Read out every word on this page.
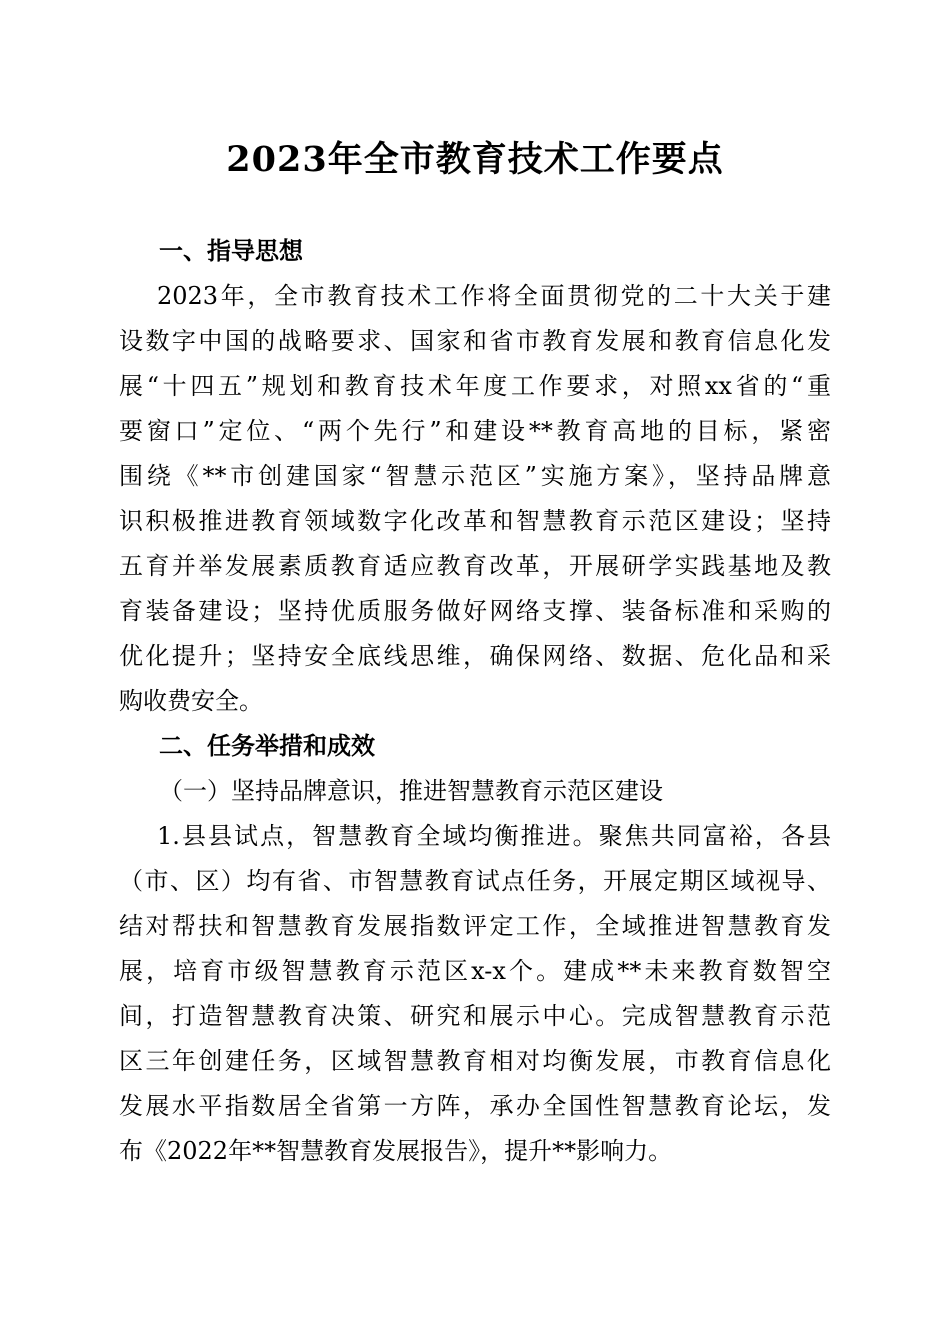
2023年全市教育技术工作要点
一、指导思想
2023年，全市教育技术工作将全面贯彻党的二十大关于建
设数字中国的战略要求、国家和省市教育发展和教育信息化发
展“十四五”规划和教育技术年度工作要求，对照xx省的“重
要窗口”定位、“两个先行”和建设**教育高地的目标，紧密
围绕《**市创建国家“智慧示范区”实施方案》，坚持品牌意
识积极推进教育领域数字化改革和智慧教育示范区建设；坚持
五育并举发展素质教育适应教育改革，开展研学实践基地及教
育装备建设；坚持优质服务做好网络支撑、装备标准和采购的
优化提升；坚持安全底线思维，确保网络、数据、危化品和采
购收费安全。
二、任务举措和成效
（一）坚持品牌意识，推进智慧教育示范区建设
1.县县试点，智慧教育全域均衡推进。聚焦共同富裕，各县
（市、区）均有省、市智慧教育试点任务，开展定期区域视导、
结对帮扶和智慧教育发展指数评定工作，全域推进智慧教育发
展，培育市级智慧教育示范区x-x个。建成**未来教育数智空
间，打造智慧教育决策、研究和展示中心。完成智慧教育示范
区三年创建任务，区域智慧教育相对均衡发展，市教育信息化
发展水平指数居全省第一方阵，承办全国性智慧教育论坛，发
布《2022年**智慧教育发展报告》，提升**影响力。
